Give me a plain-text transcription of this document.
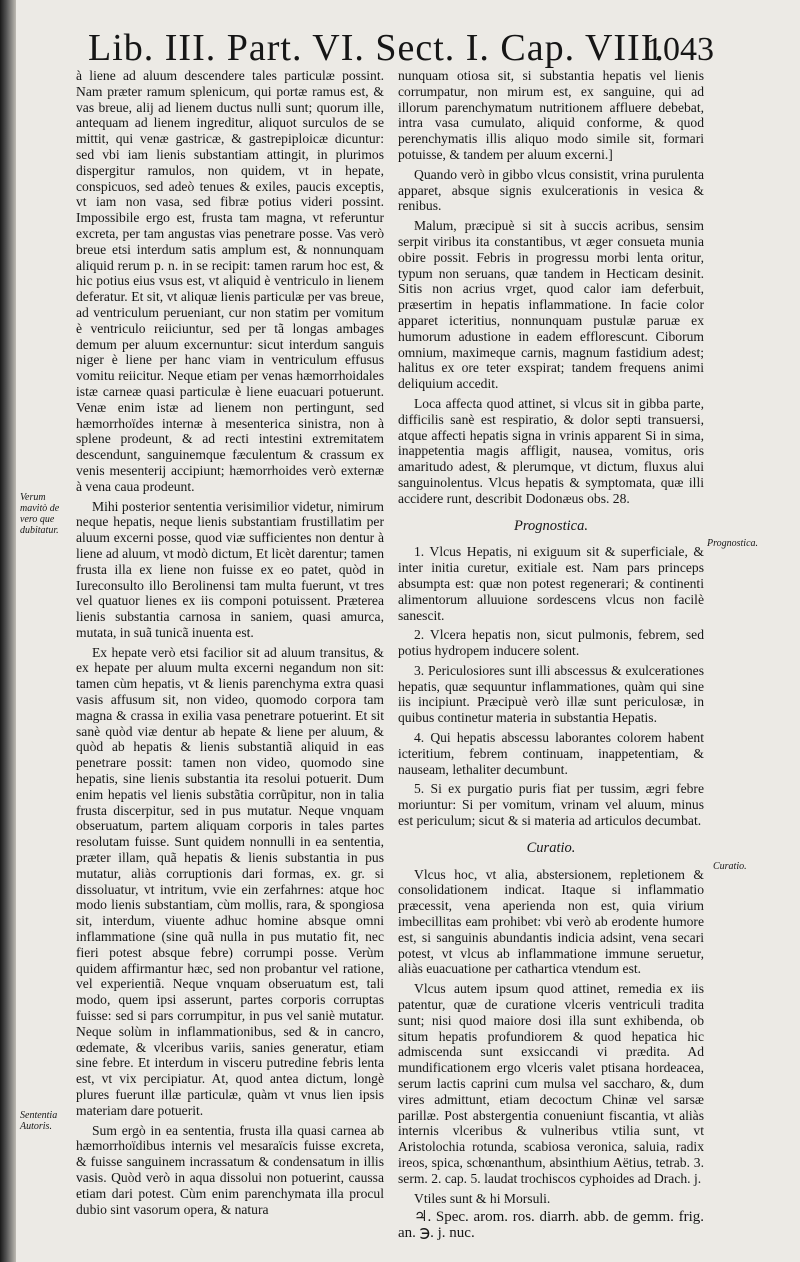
Lib. III. Part. VI. Sect. I. Cap. VIII.
1043

à liene ad aluum descendere tales particulæ possint. Nam præter ramum splenicum, qui portæ ramus est, & vas breue, alij ad lienem ductus nulli sunt; quorum ille, antequam ad lienem ingreditur, aliquot surculos de se mittit, qui venæ gastricæ, & gastrepiploicæ dicuntur: sed vbi iam lienis substantiam attingit, in plurimos dispergitur ramulos, non quidem, vt in hepate, conspicuos, sed adeò tenues & exiles, paucis exceptis, vt iam non vasa, sed fibræ potius videri possint. Impossibile ergo est, frusta tam magna, vt referuntur excreta, per tam angustas vias penetrare posse. Vas verò breue etsi interdum satis amplum est, & nonnunquam aliquid rerum p. n. in se recipit: tamen rarum hoc est, & hic potius eius vsus est, vt aliquid è ventriculo in lienem deferatur. Et sit, vt aliquæ lienis particulæ per vas breue, ad ventriculum perueniant, cur non statim per vomitum è ventriculo reiiciuntur, sed per tã longas ambages demum per aluum excernuntur: sicut interdum sanguis niger è liene per hanc viam in ventriculum effusus vomitu reiicitur. Neque etiam per venas hæmorrhoidales istæ carneæ quasi particulæ è liene euacuari potuerunt. Venæ enim istæ ad lienem non pertingunt, sed hæmorrhoïdes internæ à mesenterica sinistra, non à splene prodeunt, & ad recti intestini extremitatem descendunt, sanguinemque fæculentum & crassum ex venis mesenterij accipiunt; hæmorrhoides verò externæ à vena caua prodeunt.

Mihi posterior sententia verisimilior videtur, nimirum neque hepatis, neque lienis substantiam frustillatim per aluum excerni posse, quod viæ sufficientes non dentur à liene ad aluum, vt modò dictum, Et licèt darentur; tamen frusta illa ex liene non fuisse ex eo patet, quòd in Iureconsulto illo Berolinensi tam multa fuerunt, vt tres vel quatuor lienes ex iis componi potuissent. Præterea lienis substantia carnosa in saniem, quasi amurca, mutata, in suã tunicã inuenta est.

Ex hepate verò etsi facilior sit ad aluum transitus, & ex hepate per aluum multa excerni negandum non sit: tamen cùm hepatis, vt & lienis parenchyma extra quasi vasis affusum sit, non video, quomodo corpora tam magna & crassa in exilia vasa penetrare potuerint. Et sit sanè quòd viæ dentur ab hepate & liene per aluum, & quòd ab hepatis & lienis substantiã aliquid in eas penetrare possit: tamen non video, quomodo sine hepatis, sine lienis substantia ita resolui potuerit. Dum enim hepatis vel lienis substãtia corrũpitur, non in talia frusta discerpitur, sed in pus mutatur. Neque vnquam obseruatum, partem aliquam corporis in tales partes resolutam fuisse. Sunt quidem nonnulli in ea sententia, præter illam, quã hepatis & lienis substantia in pus mutatur, aliàs corruptionis dari formas, ex. gr. si dissoluatur, vt intritum, vvie ein zerfahrnes: atque hoc modo lienis substantiam, cùm mollis, rara, & spongiosa sit, interdum, viuente adhuc homine absque omni inflammatione (sine quã nulla in pus mutatio fit, nec fieri potest absque febre) corrumpi posse. Verùm quidem affirmantur hæc, sed non probantur vel ratione, vel experientiã. Neque vnquam obseruatum est, tali modo, quem ipsi asserunt, partes corporis corruptas fuisse: sed si pars corrumpitur, in pus vel saniè mutatur. Neque solùm in inflammationibus, sed & in cancro, œdemate, & vlceribus variis, sanies generatur, etiam sine febre. Et interdum in visceru putredine febris lenta est, vt vix percipiatur. At, quod antea dictum, longè plures fuerunt illæ particulæ, quàm vt vnus lien ipsis materiam dare potuerit.

Sum ergò in ea sententia, frusta illa quasi carnea ab hæmorrhoïdibus internis vel mesaraïcis fuisse excreta, & fuisse sanguinem incrassatum & condensatum in illis vasis. Quòd verò in aqua dissolui non potuerint, caussa etiam dari potest. Cùm enim parenchymata illa procul dubio sint vasorum opera, & natura

nunquam otiosa sit, si substantia hepatis vel lienis corrumpatur, non mirum est, ex sanguine, qui ad illorum parenchymatum nutritionem affluere debebat, intra vasa cumulato, aliquid conforme, & quod perenchymatis illis aliquo modo simile sit, formari potuisse, & tandem per aluum excerni.]

Quando verò in gibbo vlcus consistit, vrina purulenta apparet, absque signis exulcerationis in vesica & renibus.

Malum, præcipuè si sit à succis acribus, sensim serpit viribus ita constantibus, vt æger consueta munia obire possit. Febris in progressu morbi lenta oritur, typum non seruans, quæ tandem in Hecticam desinit. Sitis non acrius vrget, quod calor iam deferbuit, præsertim in hepatis inflammatione. In facie color apparet icteritius, nonnunquam pustulæ paruæ ex humorum adustione in eadem efflorescunt. Ciborum omnium, maximeque carnis, magnum fastidium adest; halitus ex ore teter exspirat; tandem frequens animi deliquium accedit.

Loca affecta quod attinet, si vlcus sit in gibba parte, difficilis sanè est respiratio, & dolor septi transuersi, atque affecti hepatis signa in vrinis apparent Si in sima, inappetentia magis affligit, nausea, vomitus, oris amaritudo adest, & plerumque, vt dictum, fluxus alui sanguinolentus. Vlcus hepatis & symptomata, quæ illi accidere runt, describit Dodonæus obs. 28.

Prognostica.

1. Vlcus Hepatis, ni exiguum sit & superficiale, & inter initia curetur, exitiale est. Nam pars princeps absumpta est: quæ non potest regenerari; & continenti alimentorum alluuione sordescens vlcus non facilè sanescit.

2. Vlcera hepatis non, sicut pulmonis, febrem, sed potius hydropem inducere solent.

3. Periculosiores sunt illi abscessus & exulcerationes hepatis, quæ sequuntur inflammationes, quàm qui sine iis incipiunt. Præcipuè verò illæ sunt periculosæ, in quibus continetur materia in substantia Hepatis.

4. Qui hepatis abscessu laborantes colorem habent icteritium, febrem continuam, inappetentiam, & nauseam, lethaliter decumbunt.

5. Si ex purgatio puris fiat per tussim, ægri febre moriuntur: Si per vomitum, vrinam vel aluum, minus est periculum; sicut & si materia ad articulos decumbat.

Curatio.

Vlcus hoc, vt alia, abstersionem, repletionem & consolidationem indicat. Itaque si inflammatio præcessit, vena aperienda non est, quia virium imbecillitas eam prohibet: vbi verò ab erodente humore est, si sanguinis abundantis indicia adsint, vena secari potest, vt vlcus ab inflammatione immune seruetur, aliàs euacuatione per cathartica vtendum est.

Vlcus autem ipsum quod attinet, remedia ex iis patentur, quæ de curatione vlceris ventriculi tradita sunt; nisi quod maiore dosi illa sunt exhibenda, ob situm hepatis profundiorem & quod hepatica hic admiscenda sunt exsiccandi vi prædita. Ad mundificationem ergo vlceris valet ptisana hordeacea, serum lactis caprini cum mulsa vel sacchаro, &, dum vires admittunt, etiam decoctum Chinæ vel sarsæ parillæ. Post abstergentia conueniunt fiscantia, vt aliàs internis vlceribus & vulneribus vtilia sunt, vt Aristolochia rotunda, scabiosa veronica, saluia, radix ireos, spica, schœnanthum, absinthium Aëtius, tetrab. 3. serm. 2. cap. 5. laudat trochiscos cyphoides ad Drach. j.

Vtiles sunt & hi Morsuli.

♃. Spec. arom. ros. diarrh. abb. de gemm. frig. an. ℈. j. nuc.

Verum mavitò de vero que dubitatur.
Sententia Autoris.
Prognostica.
Curatio.
